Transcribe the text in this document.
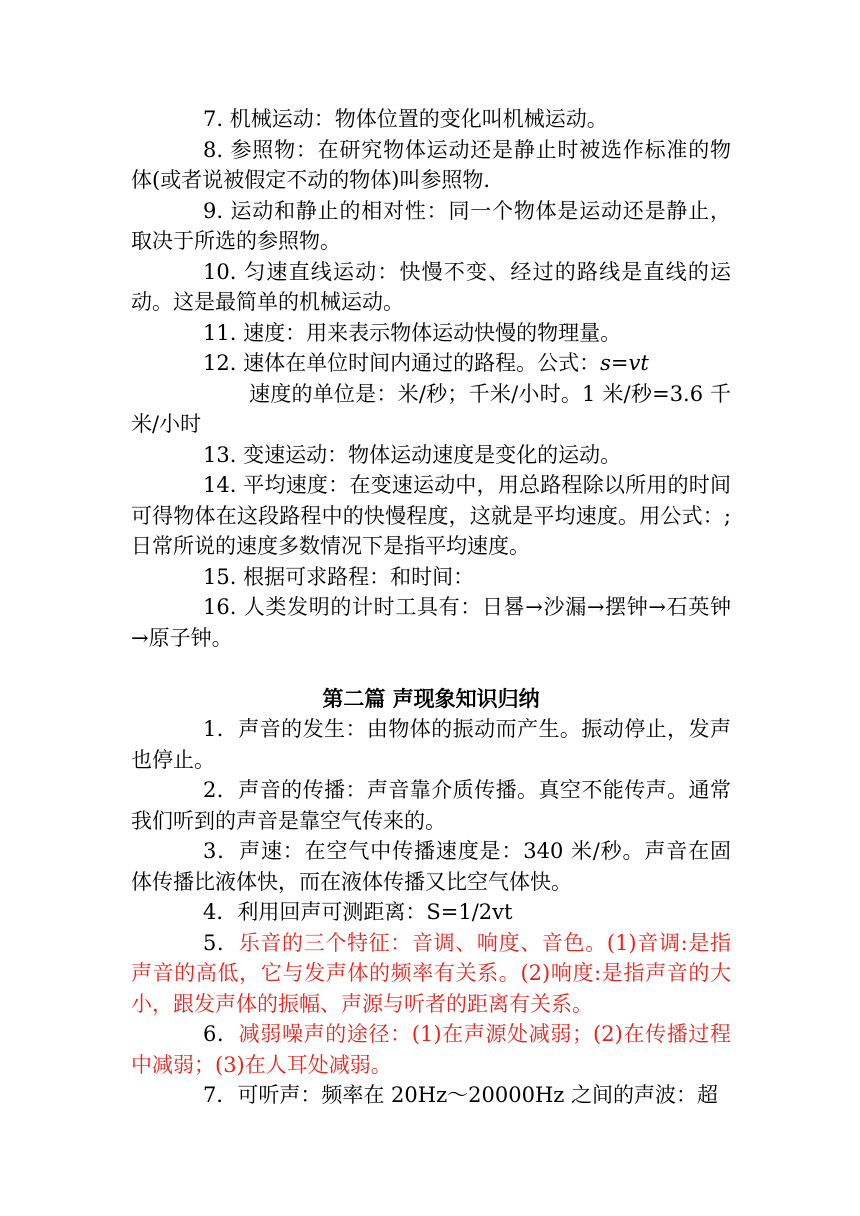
7. 机械运动：物体位置的变化叫机械运动。

8. 参照物：在研究物体运动还是静止时被选作标准的物体(或者说被假定不动的物体)叫参照物.

9. 运动和静止的相对性：同一个物体是运动还是静止，取决于所选的参照物。

10. 匀速直线运动：快慢不变、经过的路线是直线的运动。这是最简单的机械运动。

11. 速度：用来表示物体运动快慢的物理量。

12. 速体在单位时间内通过的路程。公式：s=vt

速度的单位是：米/秒；千米/小时。1 米/秒=3.6 千米/小时

13. 变速运动：物体运动速度是变化的运动。

14. 平均速度：在变速运动中，用总路程除以所用的时间可得物体在这段路程中的快慢程度，这就是平均速度。用公式：;日常所说的速度多数情况下是指平均速度。

15. 根据可求路程：和时间：

16. 人类发明的计时工具有：日晷→沙漏→摆钟→石英钟→原子钟。

第二篇 声现象知识归纳

1．声音的发生：由物体的振动而产生。振动停止，发声也停止。

2．声音的传播：声音靠介质传播。真空不能传声。通常我们听到的声音是靠空气传来的。

3．声速：在空气中传播速度是：340 米/秒。声音在固体传播比液体快，而在液体传播又比空气体快。

4．利用回声可测距离：S=1/2vt

5．乐音的三个特征：音调、响度、音色。(1)音调:是指声音的高低，它与发声体的频率有关系。(2)响度:是指声音的大小，跟发声体的振幅、声源与听者的距离有关系。

6．减弱噪声的途径：(1)在声源处减弱；(2)在传播过程中减弱；(3)在人耳处减弱。

7．可听声：频率在 20Hz～20000Hz 之间的声波：超
